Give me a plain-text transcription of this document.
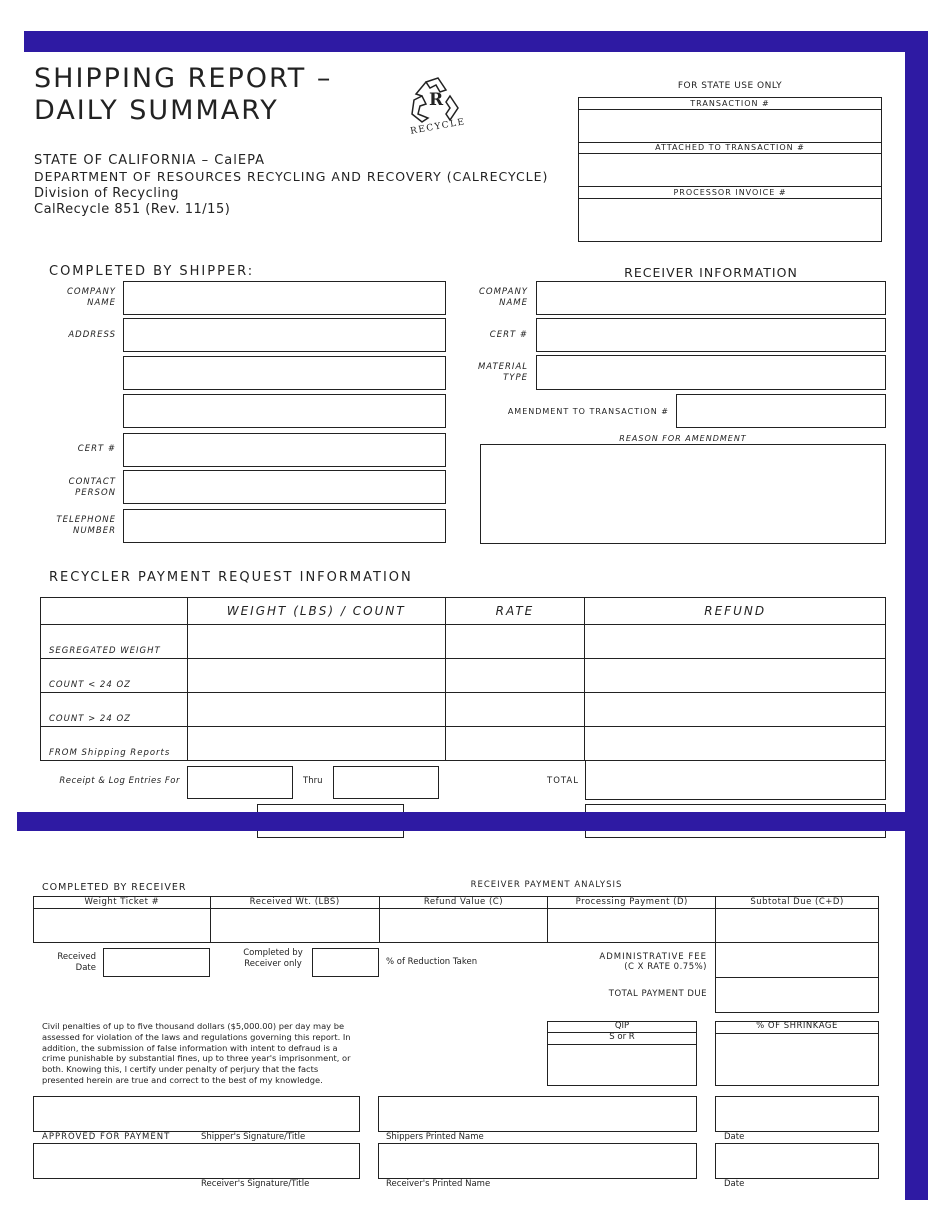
SHIPPING REPORT –
DAILY SUMMARY	R
RECYCLE
STATE OF CALIFORNIA – CalEPA
DEPARTMENT OF RESOURCES RECYCLING AND RECOVERY (CALRECYCLE)
Division of Recycling
CalRecycle 851 (Rev. 11/15)
FOR STATE USE ONLY
TRANSACTION #
ATTACHED TO TRANSACTION #
PROCESSOR INVOICE #
COMPLETED BY SHIPPER:
COMPANY NAME
ADDRESS
CERT #
CONTACT PERSON
TELEPHONE NUMBER
RECEIVER INFORMATION
COMPANY NAME
CERT #
MATERIAL TYPE
AMENDMENT TO TRANSACTION #
REASON FOR AMENDMENT
RECYCLER PAYMENT REQUEST INFORMATION
	WEIGHT (LBS) / COUNT	RATE	REFUND
SEGREGATED WEIGHT			
COUNT < 24 OZ			
COUNT > 24 OZ			
FROM Shipping Reports			
Receipt & Log Entries For	Thru	TOTAL
COMPLETED BY RECEIVER	RECEIVER PAYMENT ANALYSIS
Weight Ticket #	Received Wt. (LBS)	Refund Value (C)	Processing Payment (D)	Subtotal Due (C+D)

Received Date
Completed by Receiver only	% of Reduction Taken	ADMINISTRATIVE FEE
(C X RATE 0.75%)
TOTAL PAYMENT DUE
Civil penalties of up to five thousand dollars ($5,000.00) per day may be assessed for violation of the laws and regulations governing this report. In addition, the submission of false information with intent to defraud is a crime punishable by substantial fines, up to three year's imprisonment, or both. Knowing this, I certify under penalty of perjury that the facts presented herein are true and correct to the best of my knowledge.
QIP
S or R
% OF SHRINKAGE
APPROVED FOR PAYMENT	Shipper's Signature/Title	Shippers Printed Name	Date
Receiver's Signature/Title	Receiver's Printed Name	Date
